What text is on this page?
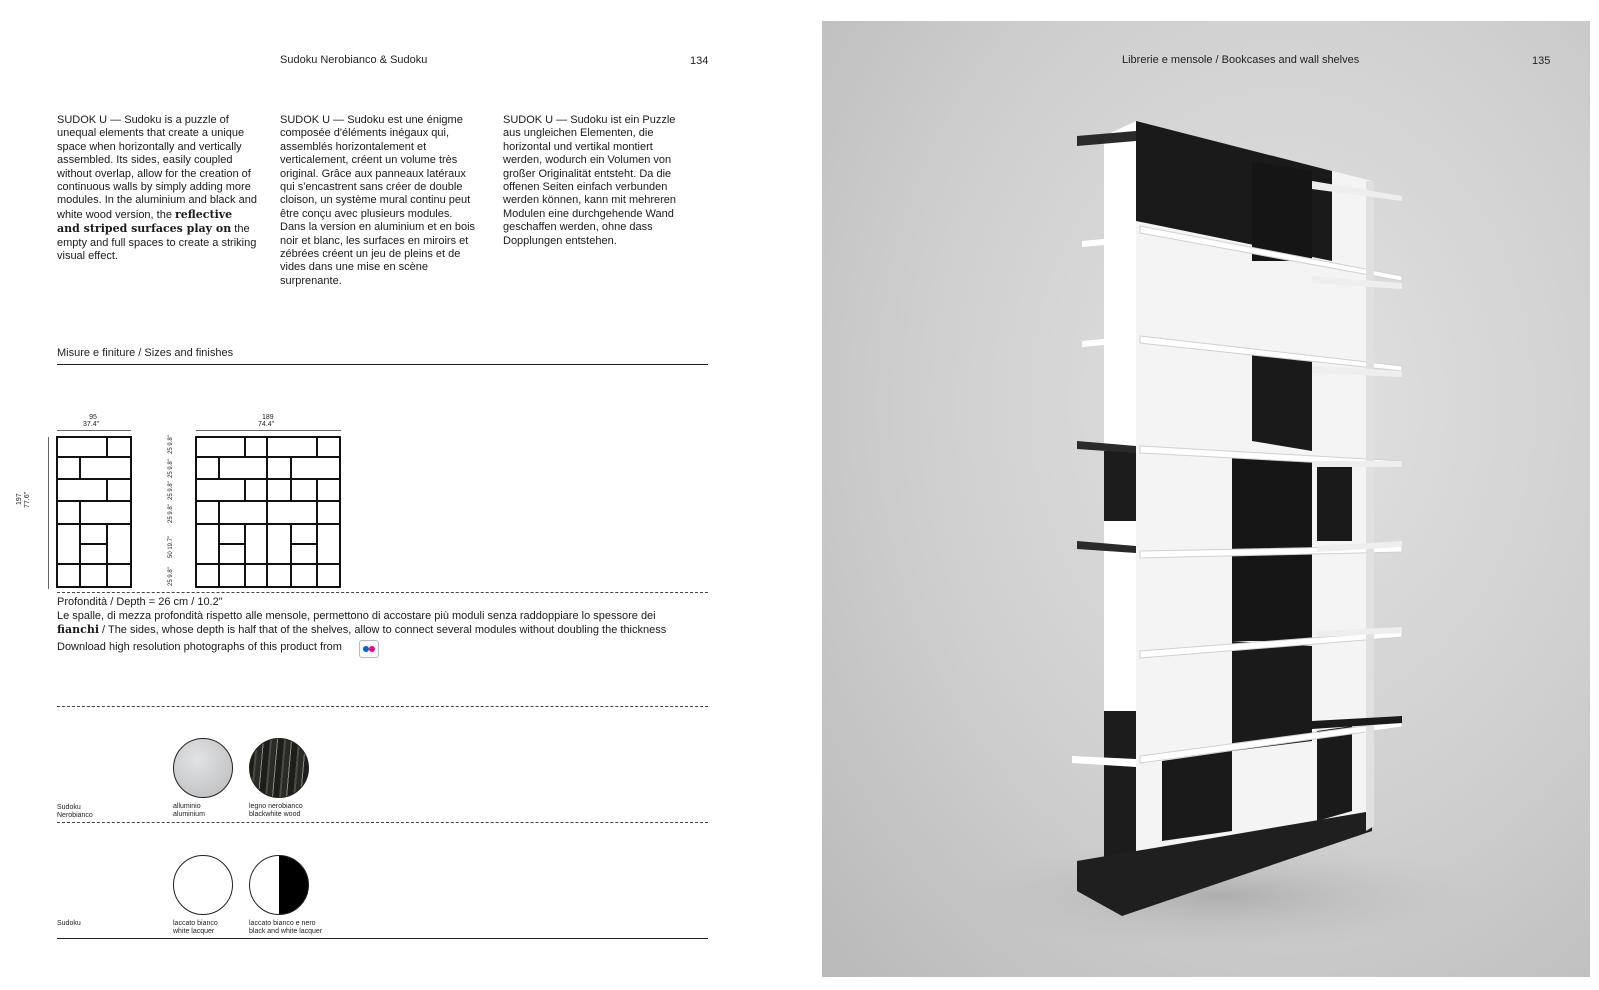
Sudoku Nerobianco & Sudoku	134
SUDOK U — Sudoku is a puzzle of unequal elements that create a unique space when horizontally and vertically assembled. Its sides, easily coupled without overlap, allow for the creation of continuous walls by simply adding more modules. In the aluminium and black and white wood version, the reflective and striped surfaces play on the empty and full spaces to create a striking visual effect.
SUDOK U — Sudoku est une énigme composée d'éléments inégaux qui, assemblés horizontalement et verticalement, créent un volume très original. Grâce aux panneaux latéraux qui s'encastrent sans créer de double cloison, un système mural continu peut être conçu avec plusieurs modules. Dans la version en aluminium et en bois noir et blanc, les surfaces en miroirs et zébrées créent un jeu de pleins et de vides dans une mise en scène surprenante.
SUDOK U — Sudoku ist ein Puzzle aus ungleichen Elementen, die horizontal und vertikal montiert werden, wodurch ein Volumen von großer Originalität entsteht. Da die offenen Seiten einfach verbunden werden können, kann mit mehreren Modulen eine durchgehende Wand geschaffen werden, ohne dass Dopplungen entstehen.
Misure e finiture / Sizes and finishes
95
37.4"
189
74.4"
197 77.6"
25 9.8"
25 9.8"
25 9.8"
25 9.8"
50 19.7"
25 9.8"
Profondità / Depth = 26 cm / 10.2"
Le spalle, di mezza profondità rispetto alle mensole, permettono di accostare più moduli senza raddoppiare lo spessore dei
fianchi / The sides, whose depth is half that of the shelves, allow to connect several modules without doubling the thickness
Download high resolution photographs of this product from
Sudoku
Nerobianco
alluminio
aluminium
legno nerobianco
blackwhite wood
Sudoku	laccato bianco
white lacquer
laccato bianco e nero
black and white lacquer
Librerie e mensole / Bookcases and wall shelves	135
